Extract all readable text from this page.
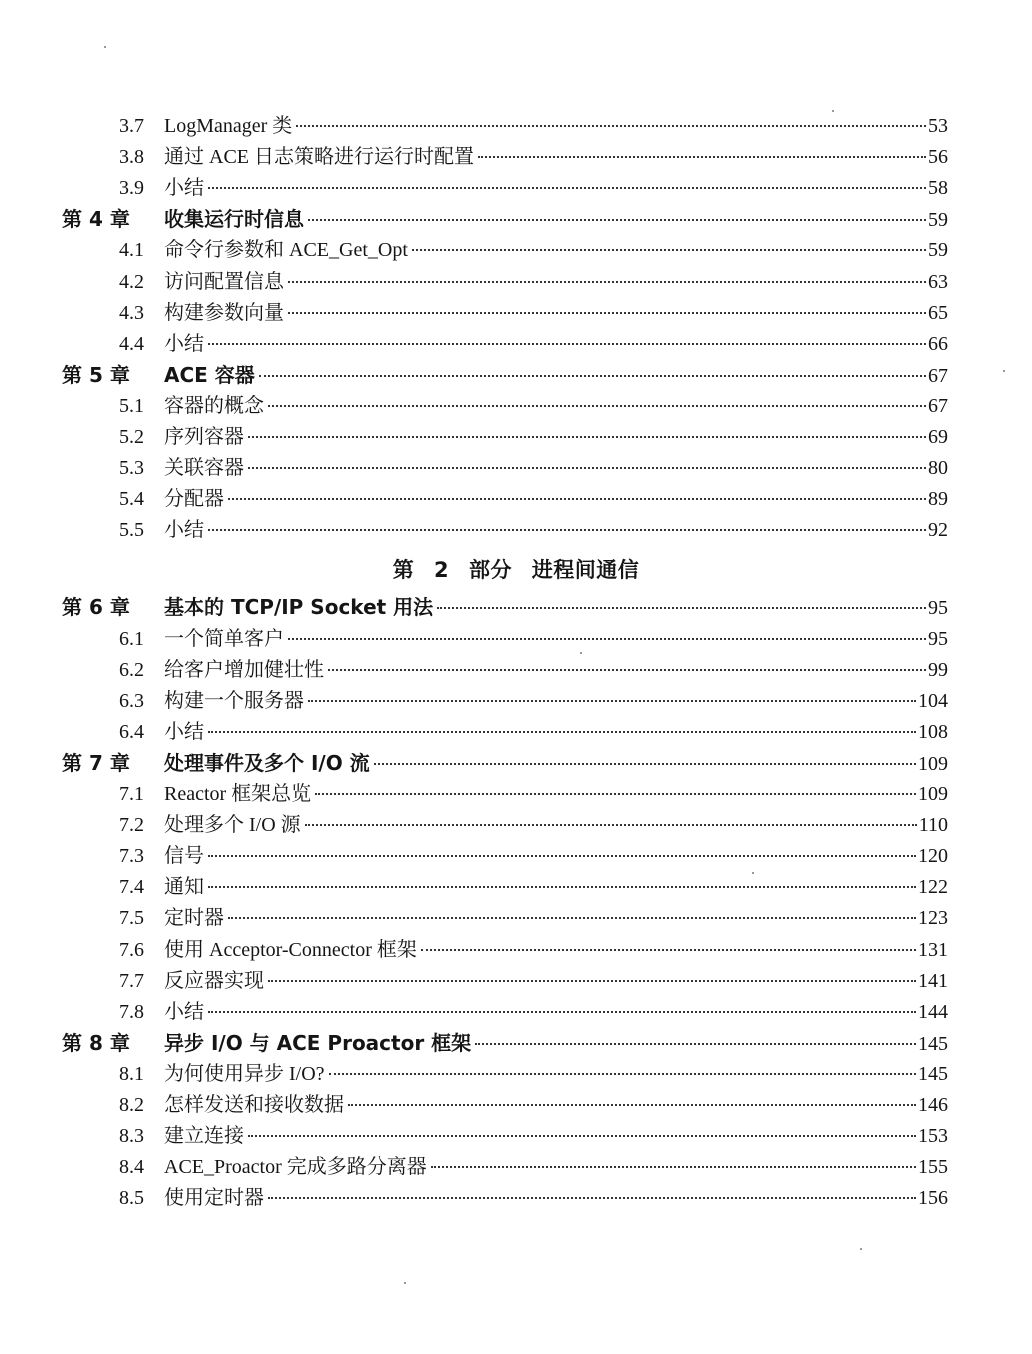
3.7 LogManager 类	53
3.8 通过 ACE 日志策略进行运行时配置	56
3.9 小结	58
第 4 章	收集运行时信息	59
4.1 命令行参数和 ACE_Get_Opt	59
4.2 访问配置信息	63
4.3 构建参数向量	65
4.4 小结	66
第 5 章	ACE 容器	67
5.1 容器的概念	67
5.2 序列容器	69
5.3 关联容器	80
5.4 分配器	89
5.5 小结	92
第 2 部分 进程间通信
第 6 章	基本的 TCP/IP Socket 用法	95
6.1 一个简单客户	95
6.2 给客户增加健壮性	99
6.3 构建一个服务器	104
6.4 小结	108
第 7 章	处理事件及多个 I/O 流	109
7.1 Reactor 框架总览	109
7.2 处理多个 I/O 源	110
7.3 信号	120
7.4 通知	122
7.5 定时器	123
7.6 使用 Acceptor-Connector 框架	131
7.7 反应器实现	141
7.8 小结	144
第 8 章	异步 I/O 与 ACE Proactor 框架	145
8.1 为何使用异步 I/O?	145
8.2 怎样发送和接收数据	146
8.3 建立连接	153
8.4 ACE_Proactor 完成多路分离器	155
8.5 使用定时器	156
